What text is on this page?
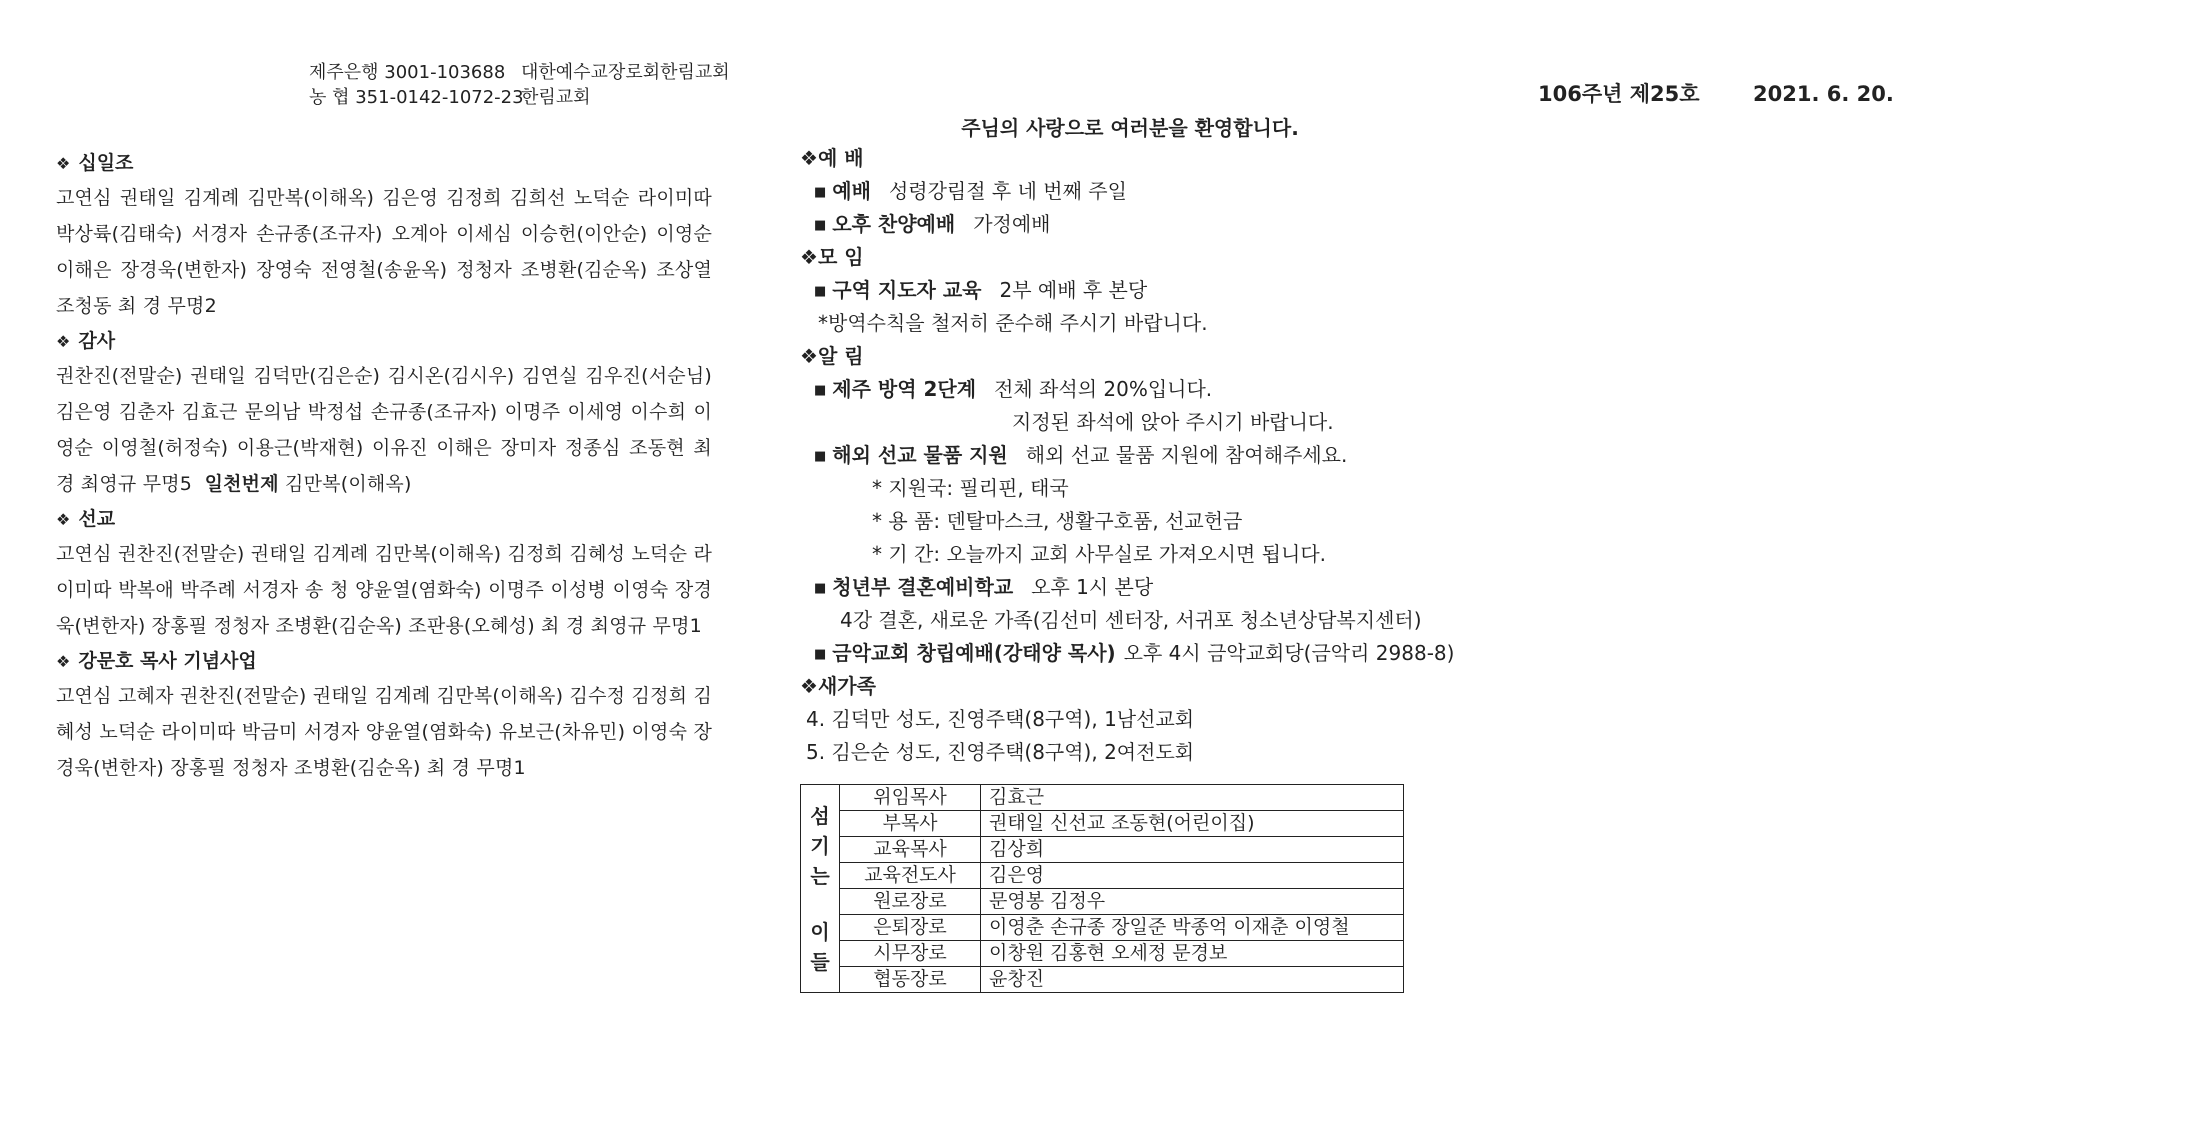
제주은행 3001-103688 대한예수교장로회한림교회
농 협 351-0142-1072-23한림교회	106주년 제25호	2021. 6. 20.
주님의 사랑으로 여러분을 환영합니다.
❖ 십일조
고연심 권태일 김계례 김만복(이해옥) 김은영 김정희 김희선 노덕순 라이미따 박상륙(김태숙) 서경자 손규종(조규자) 오계아 이세심 이승헌(이안순) 이영순 이해은 장경욱(변한자) 장영숙 전영철(송윤옥) 정청자 조병환(김순옥) 조상열 조청동 최 경 무명2
❖ 감사
권찬진(전말순) 권태일 김덕만(김은순) 김시온(김시우) 김연실 김우진(서순님) 김은영 김춘자 김효근 문의남 박정섭 손규종(조규자) 이명주 이세영 이수희 이영순 이영철(허정숙) 이용근(박재현) 이유진 이해은 장미자 정종심 조동현 최 경 최영규 무명5 일천번제 김만복(이해옥)
❖ 선교
고연심 권찬진(전말순) 권태일 김계례 김만복(이해옥) 김정희 김혜성 노덕순 라이미따 박복애 박주례 서경자 송 청 양윤열(염화숙) 이명주 이성병 이영숙 장경욱(변한자) 장홍필 정청자 조병환(김순옥) 조판용(오혜성) 최 경 최영규 무명1
❖ 강문호 목사 기념사업
고연심 고혜자 권찬진(전말순) 권태일 김계례 김만복(이해옥) 김수정 김정희 김혜성 노덕순 라이미따 박금미 서경자 양윤열(염화숙) 유보근(차유민) 이영숙 장경욱(변한자) 장홍필 정청자 조병환(김순옥) 최 경 무명1
❖예 배
■ 예배 성령강림절 후 네 번째 주일
■ 오후 찬양예배 가정예배
❖모 임
■ 구역 지도자 교육 2부 예배 후 본당
*방역수칙을 철저히 준수해 주시기 바랍니다.
❖알 림
■ 제주 방역 2단계 전체 좌석의 20%입니다.
지정된 좌석에 앉아 주시기 바랍니다.
■ 해외 선교 물품 지원 해외 선교 물품 지원에 참여해주세요.
* 지원국: 필리핀, 태국
* 용 품: 덴탈마스크, 생활구호품, 선교헌금
* 기 간: 오늘까지 교회 사무실로 가져오시면 됩니다.
■ 청년부 결혼예비학교 오후 1시 본당
4강 결혼, 새로운 가족(김선미 센터장, 서귀포 청소년상담복지센터)
■ 금악교회 창립예배(강태양 목사) 오후 4시 금악교회당(금악리 2988-8)
❖새가족
4. 김덕만 성도, 진영주택(8구역), 1남선교회
5. 김은순 성도, 진영주택(8구역), 2여전도회
섬 기 는
이 들	위임목사	김효근
	부목사	권태일 신선교 조동현(어린이집)
	교육목사	김상희
	교육전도사	김은영
	원로장로	문영봉 김정우
	은퇴장로	이영춘 손규종 장일준 박종억 이재춘 이영철
	시무장로	이창원 김홍현 오세정 문경보
	협동장로	윤창진
